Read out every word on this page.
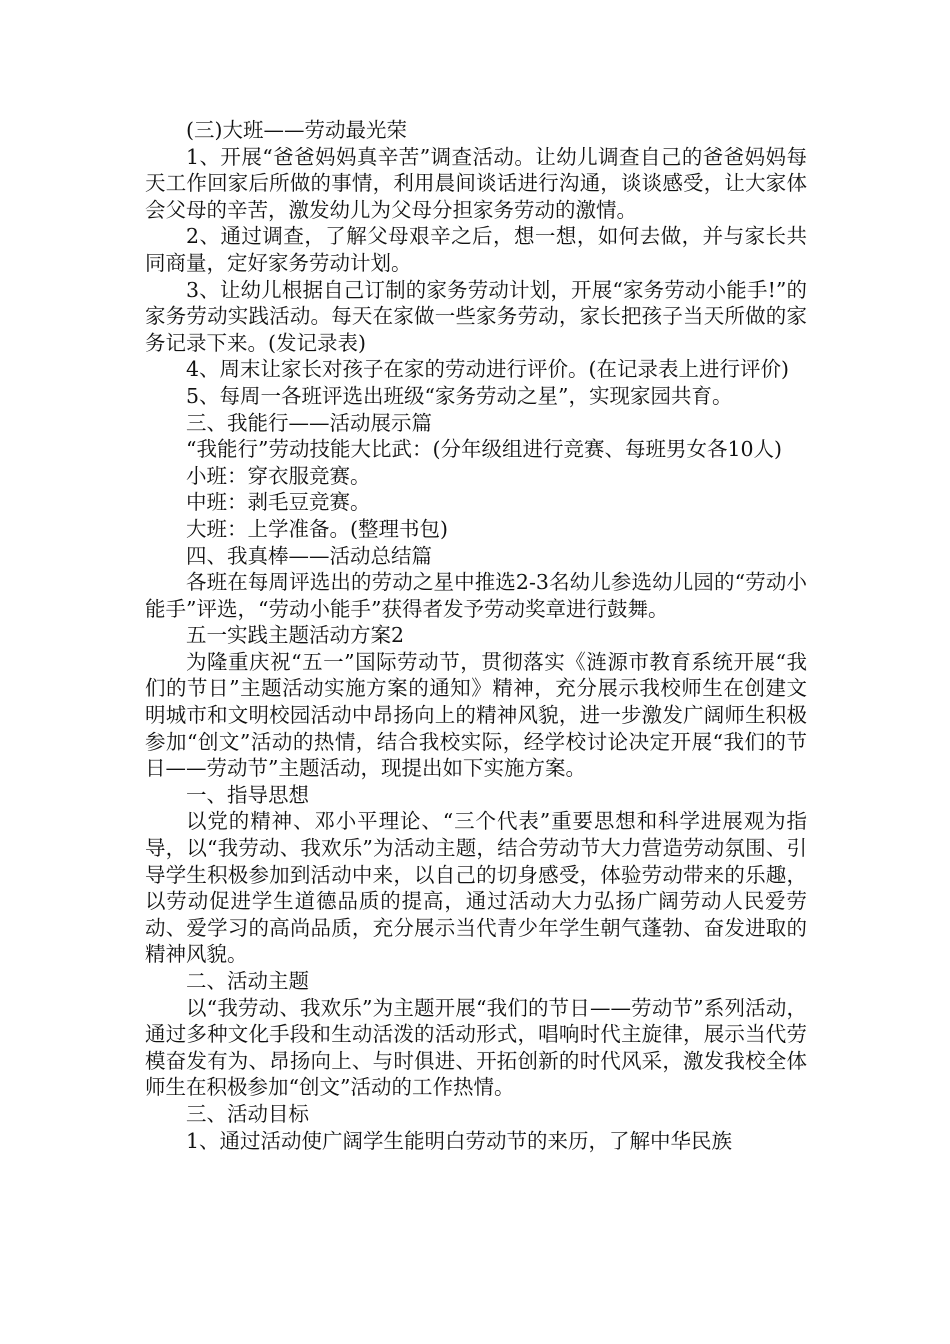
(三)大班——劳动最光荣

1、开展“爸爸妈妈真辛苦”调查活动。让幼儿调查自己的爸爸妈妈每天工作回家后所做的事情，利用晨间谈话进行沟通，谈谈感受，让大家体会父母的辛苦，激发幼儿为父母分担家务劳动的激情。

2、通过调查，了解父母艰辛之后，想一想，如何去做，并与家长共同商量，定好家务劳动计划。

3、让幼儿根据自己订制的家务劳动计划，开展“家务劳动小能手!”的家务劳动实践活动。每天在家做一些家务劳动，家长把孩子当天所做的家务记录下来。(发记录表)

4、周末让家长对孩子在家的劳动进行评价。(在记录表上进行评价)

5、每周一各班评选出班级“家务劳动之星”，实现家园共育。

三、我能行——活动展示篇

“我能行”劳动技能大比武：(分年级组进行竞赛、每班男女各10人)

小班：穿衣服竞赛。

中班：剥毛豆竞赛。

大班：上学准备。(整理书包)

四、我真棒——活动总结篇

各班在每周评选出的劳动之星中推选2-3名幼儿参选幼儿园的“劳动小能手”评选，“劳动小能手”获得者发予劳动奖章进行鼓舞。

五一实践主题活动方案2

为隆重庆祝“五一”国际劳动节，贯彻落实《涟源市教育系统开展“我们的节日”主题活动实施方案的通知》精神，充分展示我校师生在创建文明城市和文明校园活动中昂扬向上的精神风貌，进一步激发广阔师生积极参加“创文”活动的热情，结合我校实际，经学校讨论决定开展“我们的节日——劳动节”主题活动，现提出如下实施方案。

一、指导思想

以党的精神、邓小平理论、“三个代表”重要思想和科学进展观为指导，以“我劳动、我欢乐”为活动主题，结合劳动节大力营造劳动氛围、引导学生积极参加到活动中来，以自己的切身感受，体验劳动带来的乐趣，以劳动促进学生道德品质的提高，通过活动大力弘扬广阔劳动人民爱劳动、爱学习的高尚品质，充分展示当代青少年学生朝气蓬勃、奋发进取的精神风貌。

二、活动主题

以“我劳动、我欢乐”为主题开展“我们的节日——劳动节”系列活动，通过多种文化手段和生动活泼的活动形式，唱响时代主旋律，展示当代劳模奋发有为、昂扬向上、与时俱进、开拓创新的时代风采，激发我校全体师生在积极参加“创文”活动的工作热情。

三、活动目标

1、通过活动使广阔学生能明白劳动节的来历，了解中华民族
